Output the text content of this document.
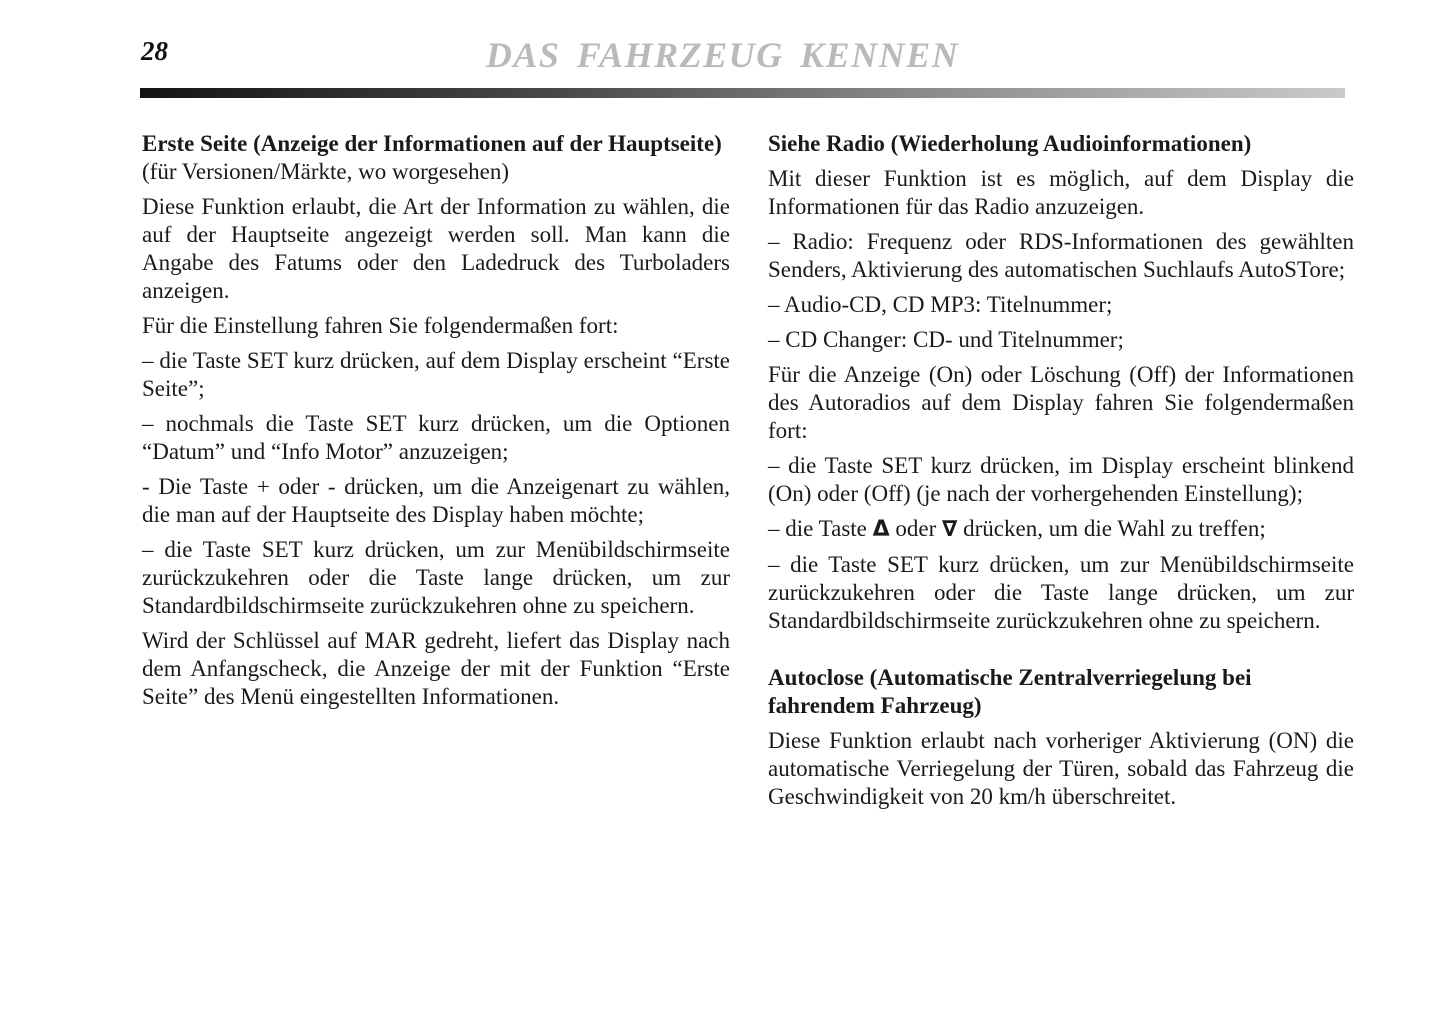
28	DAS FAHRZEUG KENNEN
Erste Seite (Anzeige der Informationen auf der Hauptseite)

(für Versionen/Märkte, wo worgesehen)

Diese Funktion erlaubt, die Art der Information zu wählen, die auf der Hauptseite angezeigt werden soll. Man kann die Angabe des Fatums oder den Ladedruck des Turboladers anzeigen.

Für die Einstellung fahren Sie folgendermaßen fort:

– die Taste SET kurz drücken, auf dem Display erscheint “Erste Seite”;

– nochmals die Taste SET kurz drücken, um die Optionen “Datum” und “Info Motor” anzuzeigen;

- Die Taste + oder - drücken, um die Anzeigenart zu wählen, die man auf der Hauptseite des Display haben möchte;

– die Taste SET kurz drücken, um zur Menübildschirmseite zurückzukehren oder die Taste lange drücken, um zur Standardbildschirmseite zurückzukehren ohne zu speichern.

Wird der Schlüssel auf MAR gedreht, liefert das Display nach dem Anfangscheck, die Anzeige der mit der Funktion “Erste Seite” des Menü eingestellten Informationen.

Siehe Radio (Wiederholung Audioinformationen)

Mit dieser Funktion ist es möglich, auf dem Display die Informationen für das Radio anzuzeigen.

– Radio: Frequenz oder RDS-Informationen des gewählten Senders, Aktivierung des automatischen Suchlaufs AutoSTore;

– Audio-CD, CD MP3: Titelnummer;

– CD Changer: CD- und Titelnummer;

Für die Anzeige (On) oder Löschung (Off) der Informationen des Autoradios auf dem Display fahren Sie folgendermaßen fort:

– die Taste SET kurz drücken, im Display erscheint blinkend (On) oder (Off) (je nach der vorhergehenden Einstellung);

– die Taste Δ oder ∇ drücken, um die Wahl zu treffen;

– die Taste SET kurz drücken, um zur Menübildschirmseite zurückzukehren oder die Taste lange drücken, um zur Standardbildschirmseite zurückzukehren ohne zu speichern.

Autoclose (Automatische Zentralverriegelung bei fahrendem Fahrzeug)

Diese Funktion erlaubt nach vorheriger Aktivierung (ON) die automatische Verriegelung der Türen, sobald das Fahrzeug die Geschwindigkeit von 20 km/h überschreitet.
